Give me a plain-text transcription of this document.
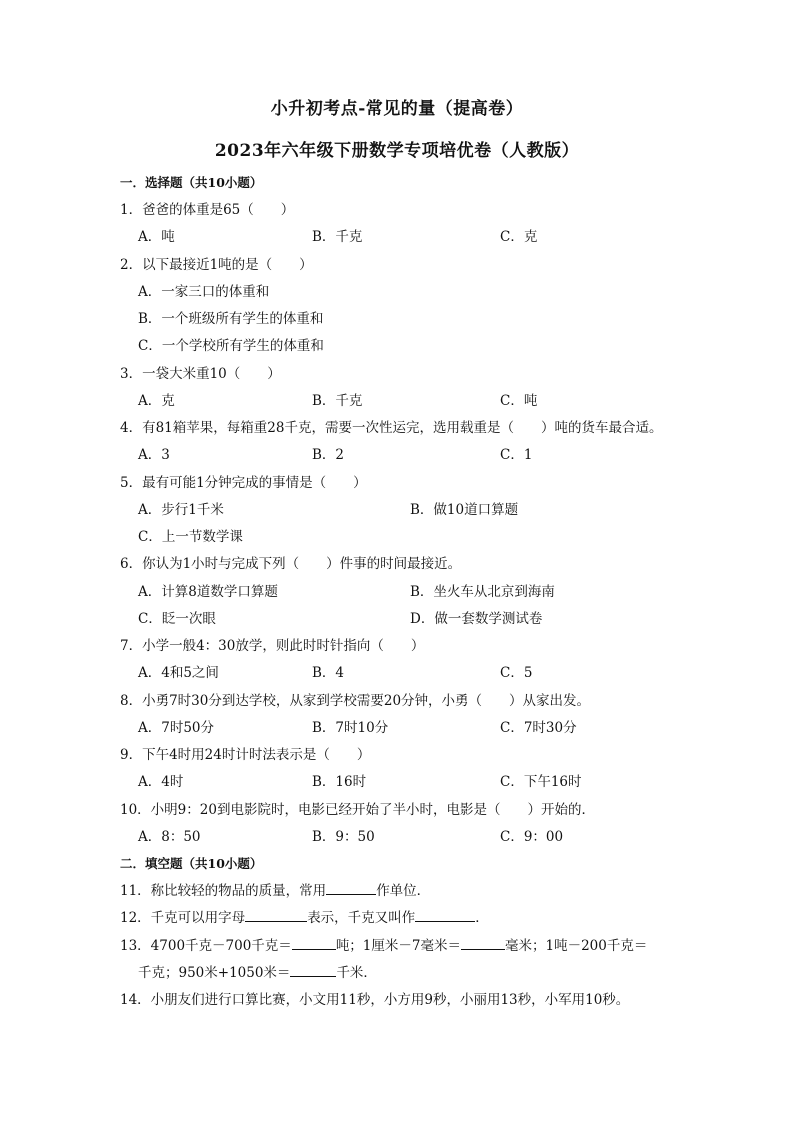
小升初考点-常见的量（提高卷）
2023年六年级下册数学专项培优卷（人教版）
一．选择题（共10小题）
1．爸爸的体重是65（　　）
A．吨	B．千克	C．克
2．以下最接近1吨的是（　　）
A．一家三口的体重和
B．一个班级所有学生的体重和
C．一个学校所有学生的体重和
3．一袋大米重10（　　）
A．克	B．千克	C．吨
4．有81箱苹果，每箱重28千克，需要一次性运完，选用载重是（　　）吨的货车最合适。
A．3	B．2	C．1
5．最有可能1分钟完成的事情是（　　）
A．步行1千米	B．做10道口算题
C．上一节数学课
6．你认为1小时与完成下列（　　）件事的时间最接近。
A．计算8道数学口算题	B．坐火车从北京到海南
C．眨一次眼	D．做一套数学测试卷
7．小学一般4：30放学，则此时时针指向（　　）
A．4和5之间	B．4	C．5
8．小勇7时30分到达学校，从家到学校需要20分钟，小勇（　　）从家出发。
A．7时50分	B．7时10分	C．7时30分
9．下午4时用24时计时法表示是（　　）
A．4时	B．16时	C．下午16时
10．小明9：20到电影院时，电影已经开始了半小时，电影是（　　）开始的．
A．8：50	B．9：50	C．9：00
二．填空题（共10小题）
11．称比较轻的物品的质量，常用	作单位．
12．千克可以用字母	表示，千克又叫作	．
13．4700千克－700千克＝	吨；1厘米－7毫米＝	毫米；1吨－200千克＝
千克；950米+1050米＝	千米．
14．小朋友们进行口算比赛，小文用11秒，小方用9秒，小丽用13秒，小军用10秒。
